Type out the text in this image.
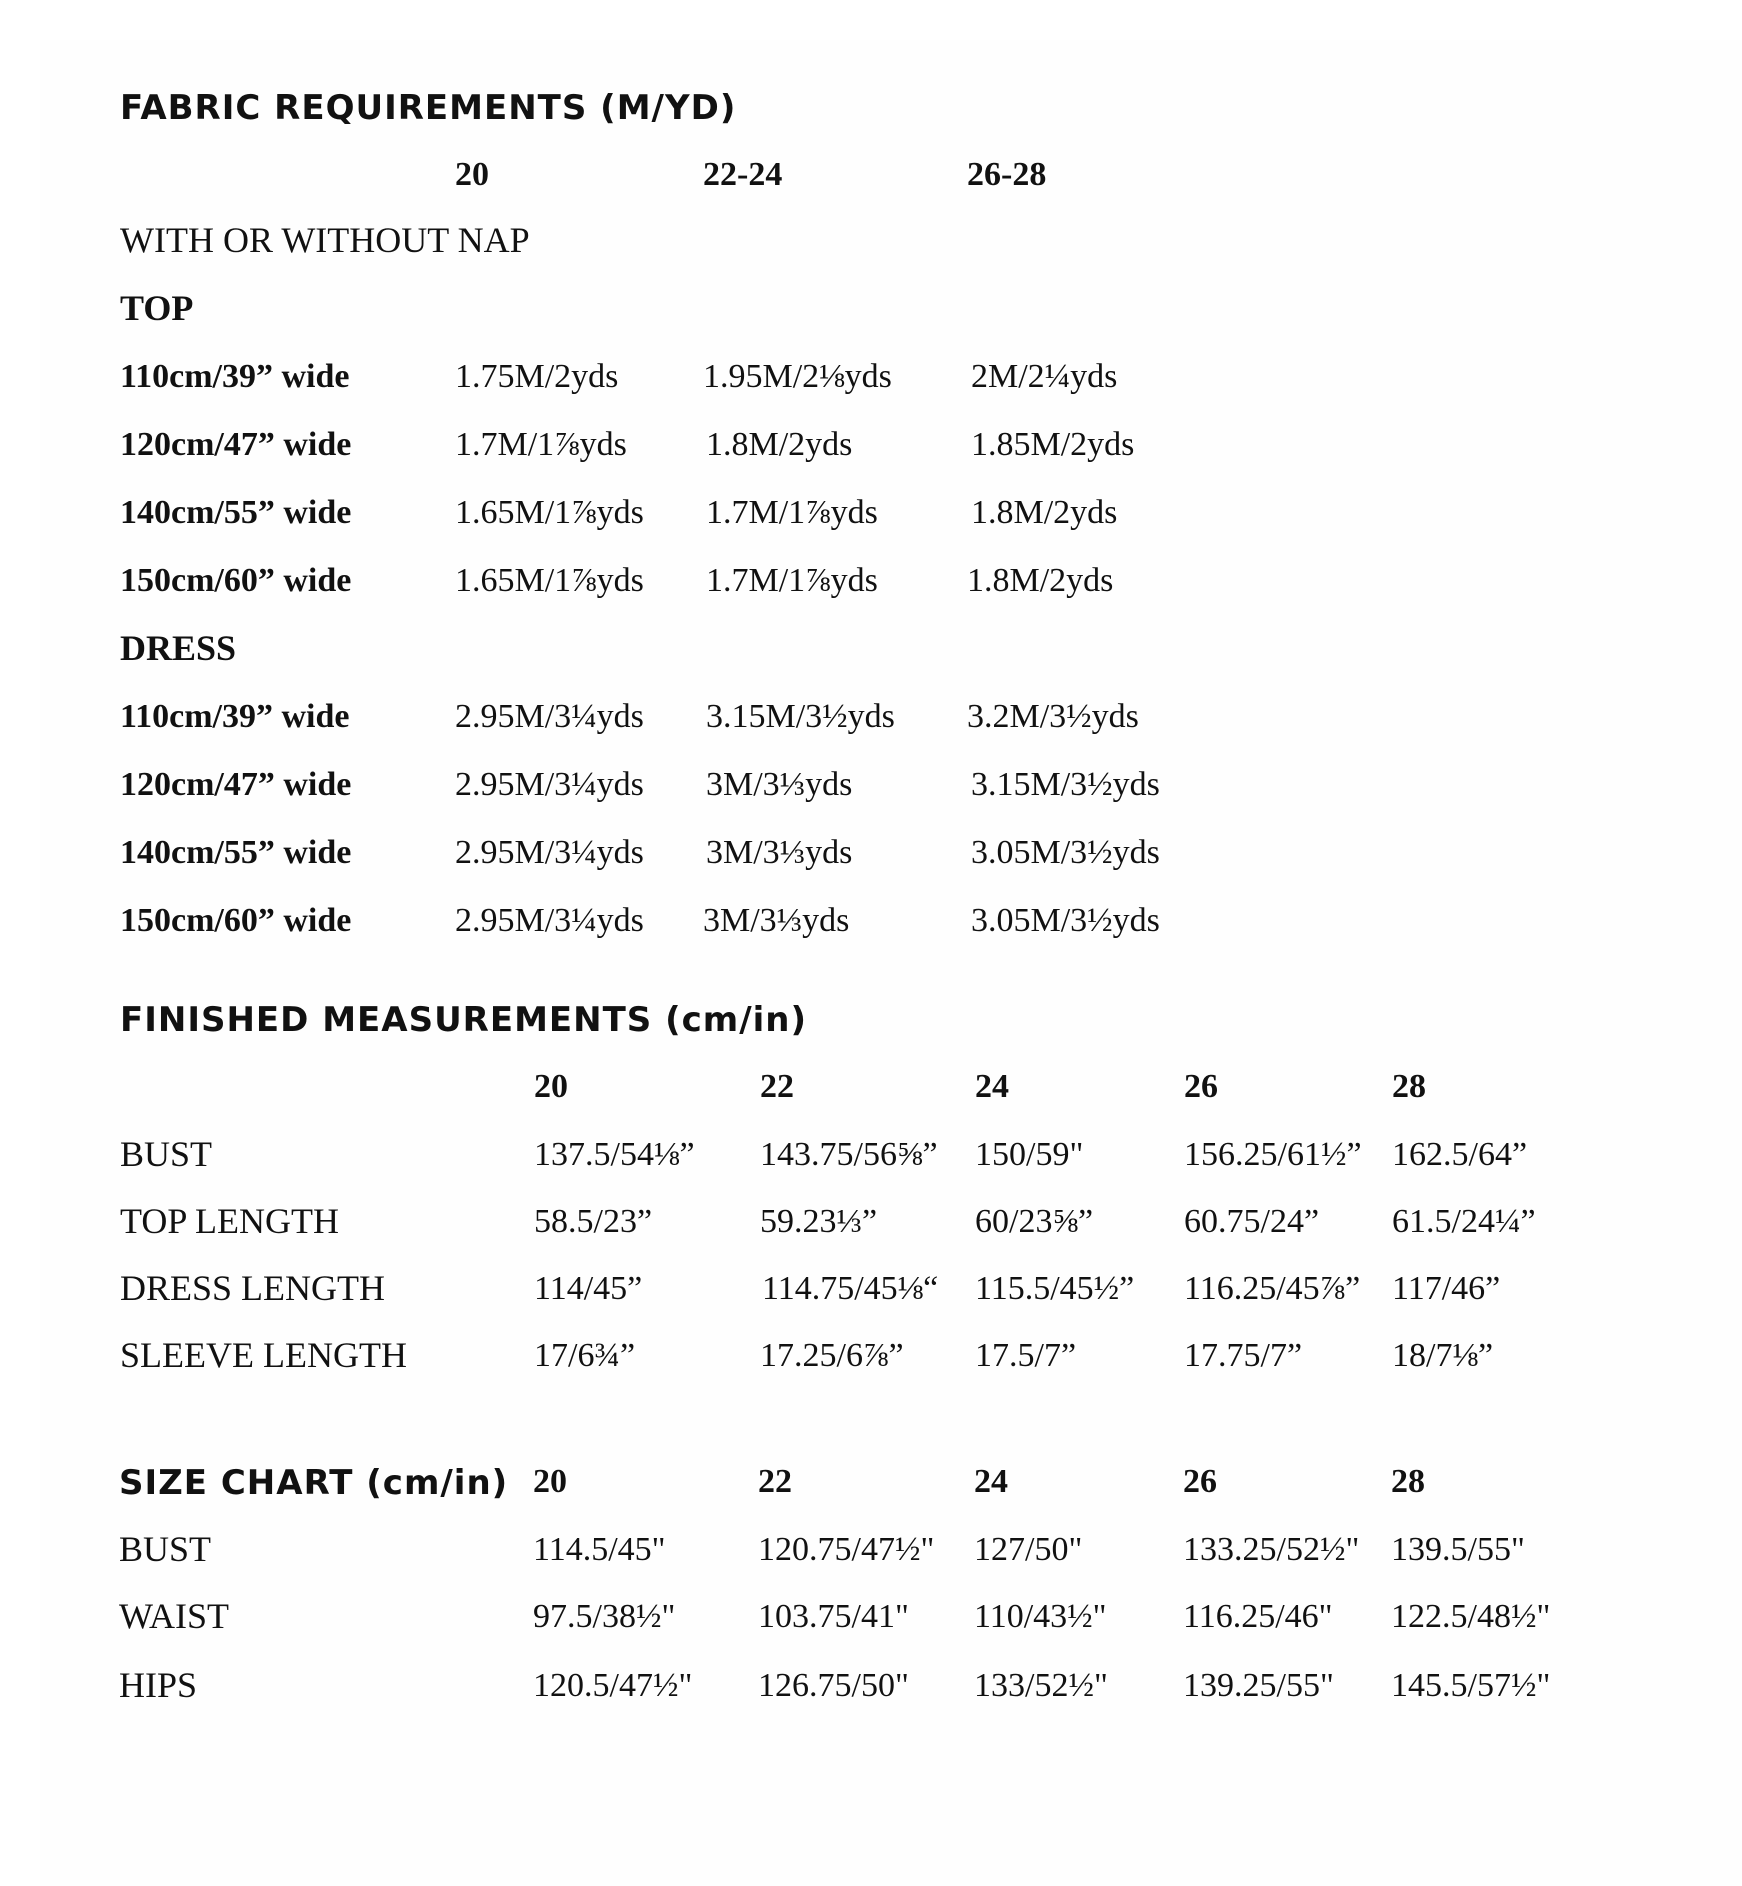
FABRIC REQUIREMENTS (M/YD)
20	22-24	26-28
WITH OR WITHOUT NAP
TOP
110cm/39” wide	1.75M/2yds 1.95M/2⅛yds 2M/2¼yds
120cm/47” wide	1.7M/1⅞yds 1.8M/2yds	1.85M/2yds
140cm/55” wide	1.65M/1⅞yds 1.7M/1⅞yds	1.8M/2yds
150cm/60” wide	1.65M/1⅞yds 1.7M/1⅞yds	1.8M/2yds
DRESS
110cm/39” wide	2.95M/3¼yds 3.15M/3½yds 3.2M/3½yds
120cm/47” wide	2.95M/3¼yds 3M/3⅓yds	3.15M/3½yds
140cm/55” wide	2.95M/3¼yds 3M/3⅓yds	3.05M/3½yds
150cm/60” wide	2.95M/3¼yds 3M/3⅓yds	3.05M/3½yds
FINISHED MEASUREMENTS (cm/in)
20	22	24	26	28
BUST	137.5/54⅛” 143.75/56⅝” 150/59"	156.25/61½” 162.5/64”
TOP LENGTH	58.5/23”	59.23⅓”	60/23⅝”	60.75/24” 61.5/24¼”
DRESS LENGTH	114/45”	114.75/45⅛“ 115.5/45½” 116.25/45⅞” 117/46”
SLEEVE LENGTH	17/6¾”	17.25/6⅞” 17.5/7”	17.75/7”	18/7⅛”
SIZE CHART (cm/in) 20	22	24	26	28
BUST	114.5/45"	120.75/47½" 127/50"	133.25/52½" 139.5/55"
WAIST	97.5/38½" 103.75/41" 110/43½" 116.25/46" 122.5/48½"
HIPS	120.5/47½" 126.75/50" 133/52½" 139.25/55" 145.5/57½"
